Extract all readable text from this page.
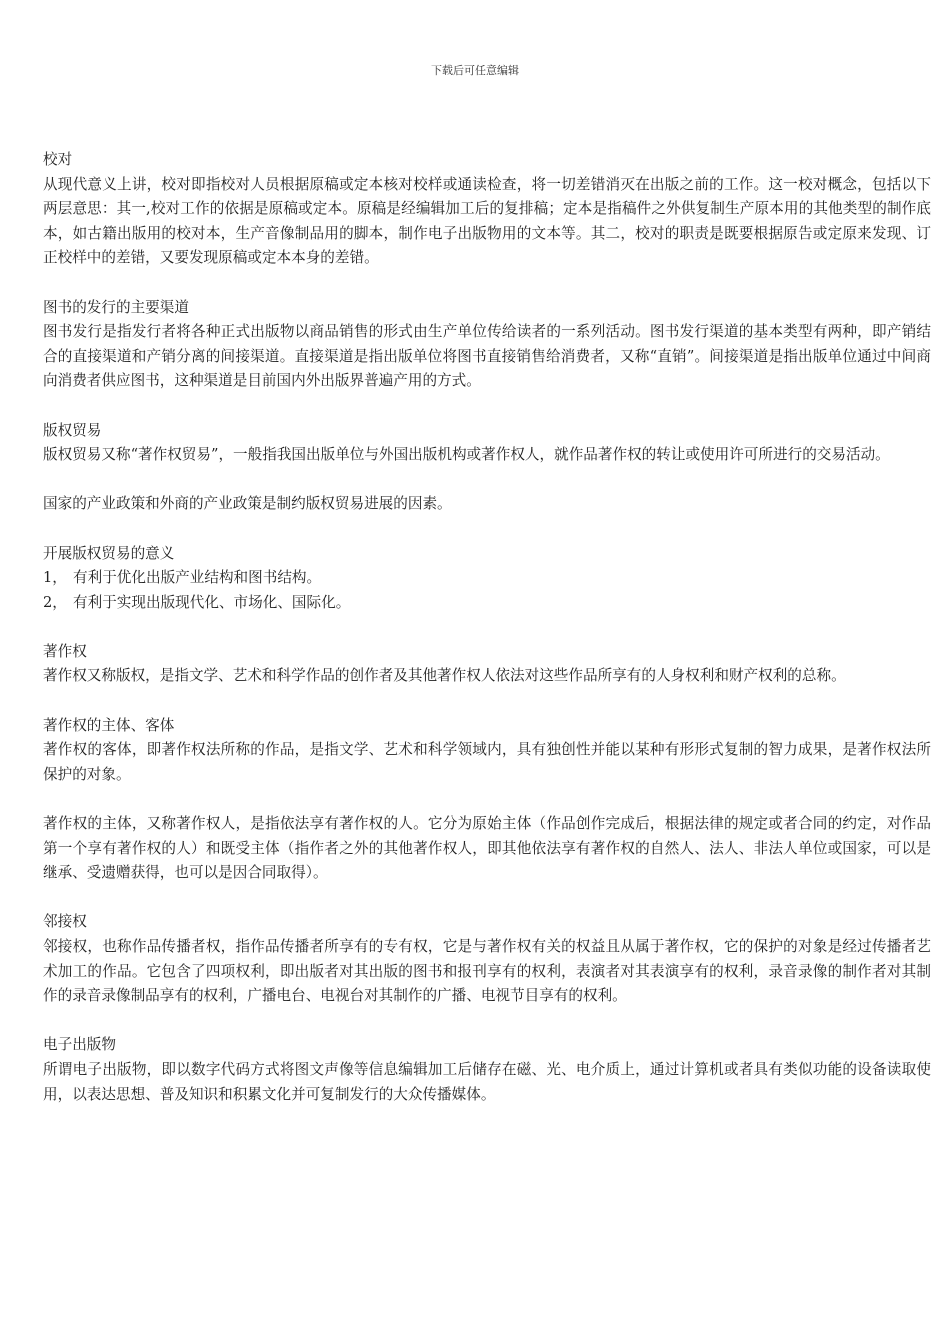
下载后可任意编辑

校对

从现代意义上讲，校对即指校对人员根据原稿或定本核对校样或通读检查，将一切差错消灭在出版之前的工作。这一校对概念，包括以下两层意思：其一,校对工作的依据是原稿或定本。原稿是经编辑加工后的复排稿；定本是指稿件之外供复制生产原本用的其他类型的制作底本，如古籍出版用的校对本，生产音像制品用的脚本，制作电子出版物用的文本等。其二，校对的职责是既要根据原告或定原来发现、订正校样中的差错，又要发现原稿或定本本身的差错。

图书的发行的主要渠道

图书发行是指发行者将各种正式出版物以商品销售的形式由生产单位传给读者的一系列活动。图书发行渠道的基本类型有两种，即产销结合的直接渠道和产销分离的间接渠道。直接渠道是指出版单位将图书直接销售给消费者，又称“直销”。间接渠道是指出版单位通过中间商向消费者供应图书，这种渠道是目前国内外出版界普遍产用的方式。

版权贸易

版权贸易又称“著作权贸易”，一般指我国出版单位与外国出版机构或著作权人，就作品著作权的转让或使用许可所进行的交易活动。

国家的产业政策和外商的产业政策是制约版权贸易进展的因素。

开展版权贸易的意义

1， 有利于优化出版产业结构和图书结构。

2， 有利于实现出版现代化、市场化、国际化。

著作权

著作权又称版权，是指文学、艺术和科学作品的创作者及其他著作权人依法对这些作品所享有的人身权利和财产权利的总称。

著作权的主体、客体

著作权的客体，即著作权法所称的作品，是指文学、艺术和科学领域内，具有独创性并能以某种有形形式复制的智力成果，是著作权法所保护的对象。

著作权的主体，又称著作权人，是指依法享有著作权的人。它分为原始主体（作品创作完成后，根据法律的规定或者合同的约定，对作品第一个享有著作权的人）和既受主体（指作者之外的其他著作权人，即其他依法享有著作权的自然人、法人、非法人单位或国家，可以是继承、受遗赠获得，也可以是因合同取得）。

邻接权

邻接权，也称作品传播者权，指作品传播者所享有的专有权，它是与著作权有关的权益且从属于著作权，它的保护的对象是经过传播者艺术加工的作品。它包含了四项权利，即出版者对其出版的图书和报刊享有的权利，表演者对其表演享有的权利，录音录像的制作者对其制作的录音录像制品享有的权利，广播电台、电视台对其制作的广播、电视节目享有的权利。

电子出版物

所谓电子出版物，即以数字代码方式将图文声像等信息编辑加工后储存在磁、光、电介质上，通过计算机或者具有类似功能的设备读取使用，以表达思想、普及知识和积累文化并可复制发行的大众传播媒体。
